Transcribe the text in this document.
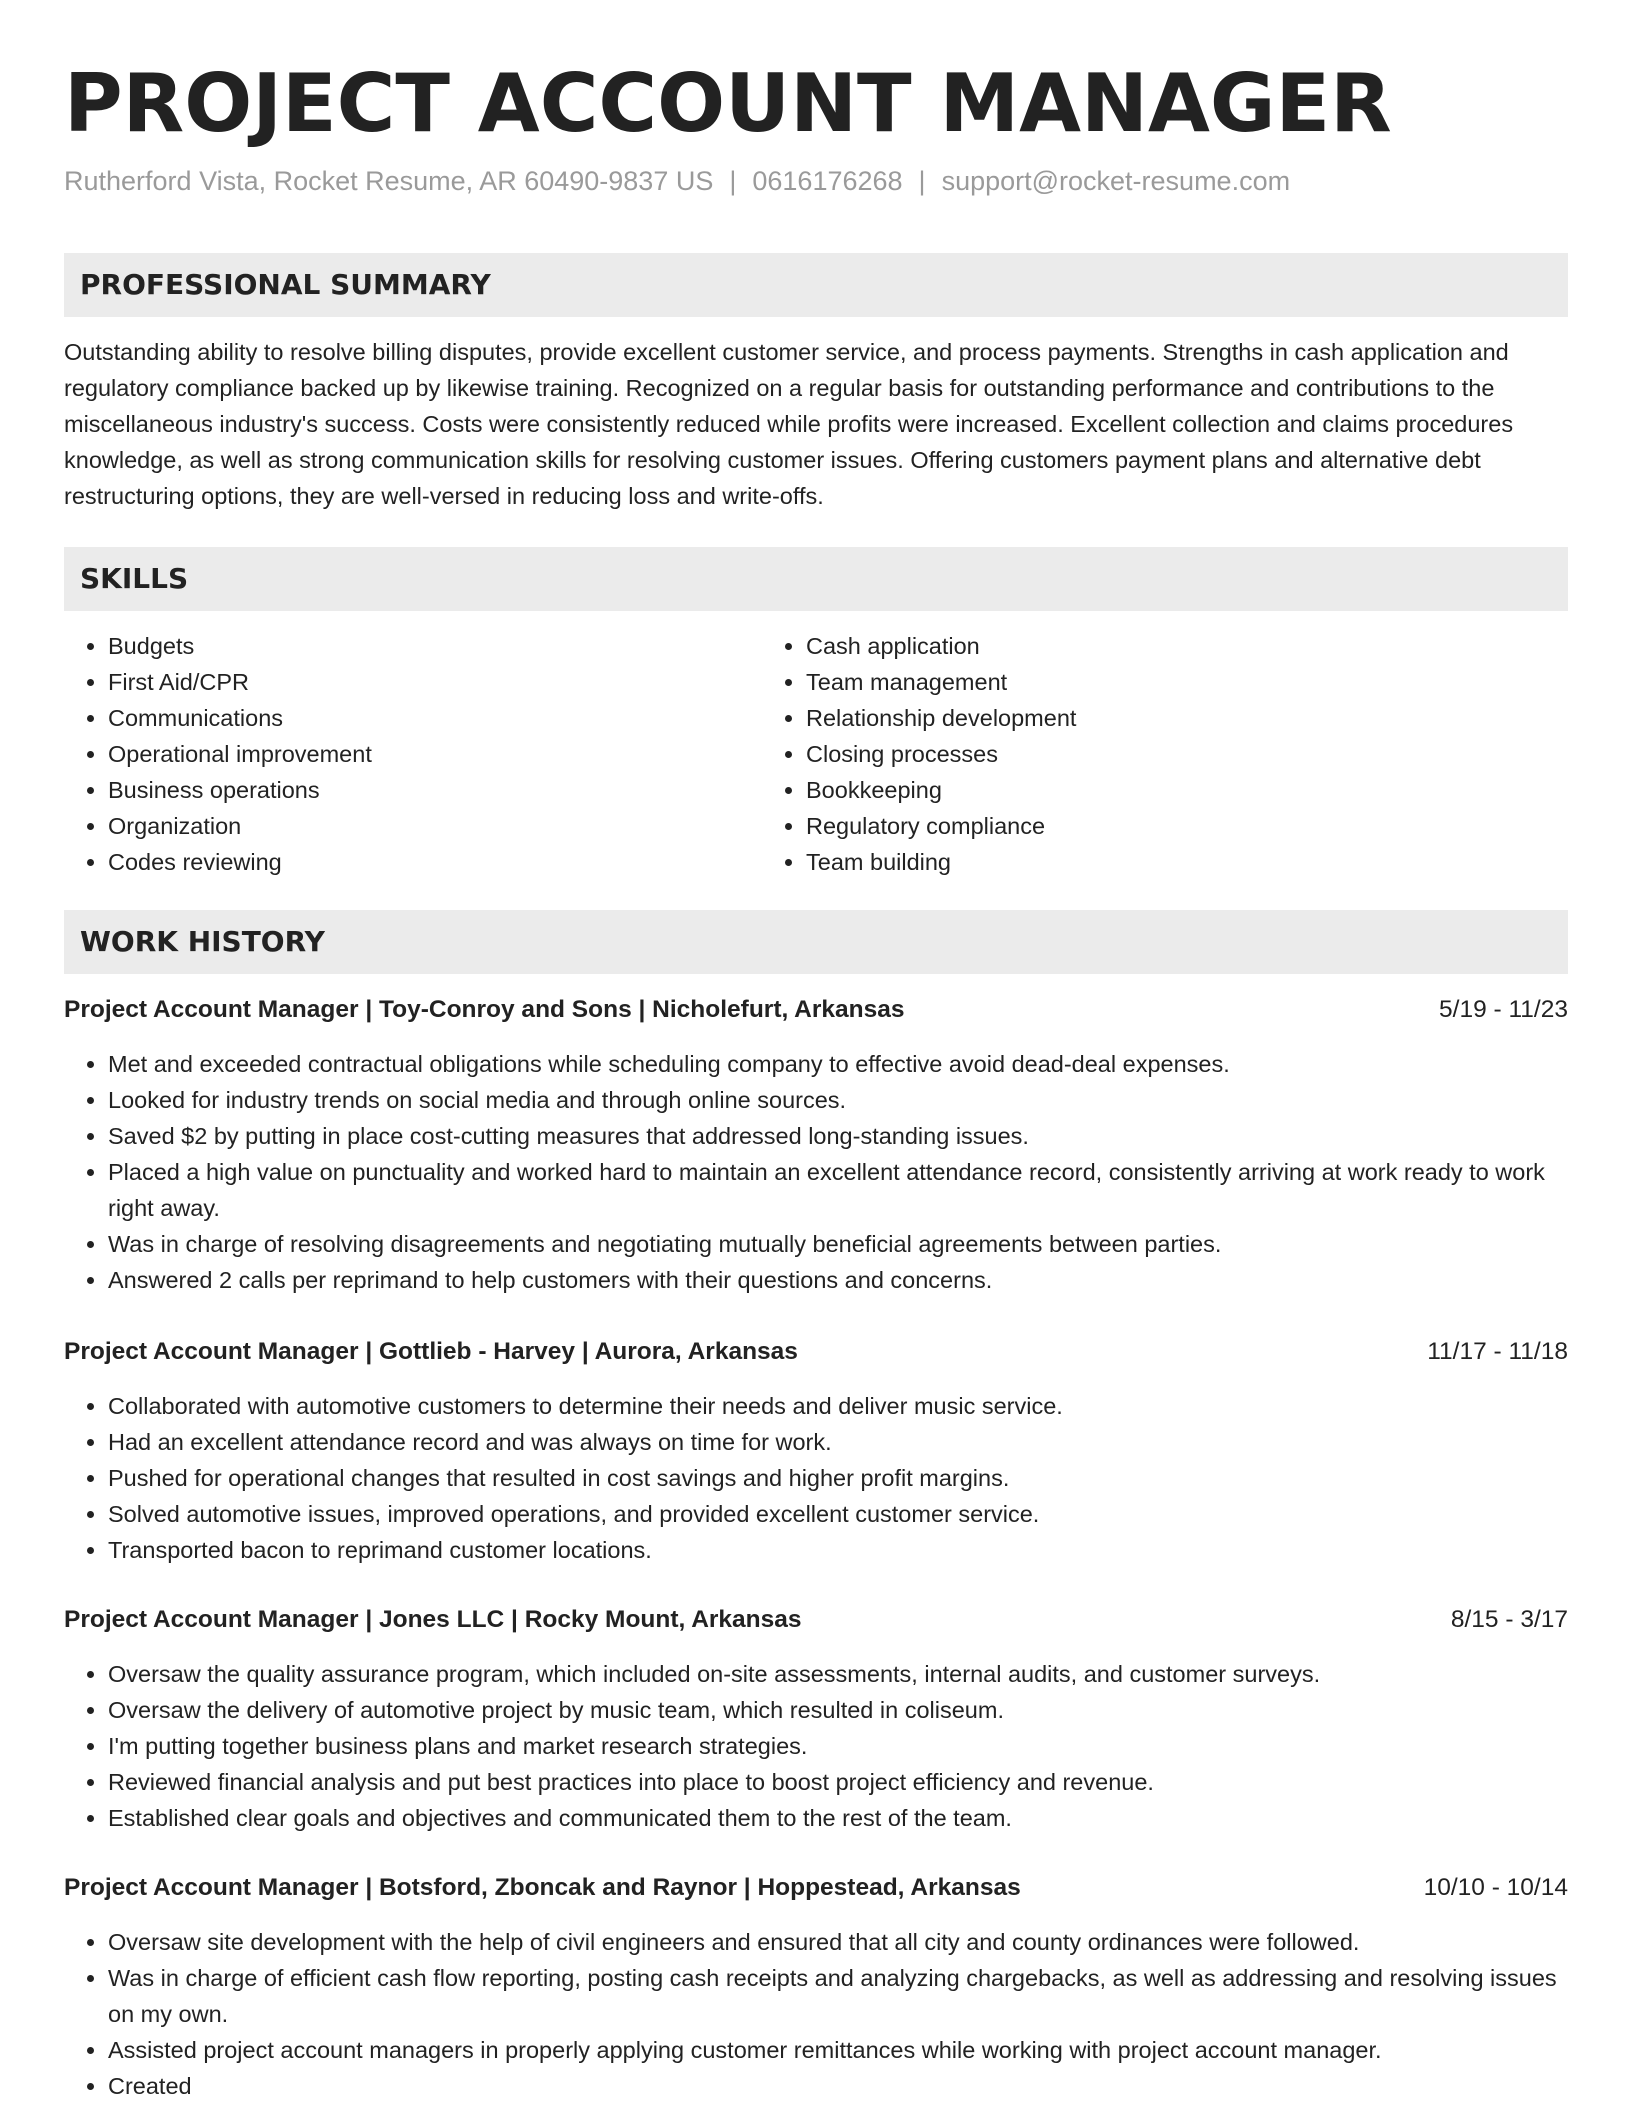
PROJECT ACCOUNT MANAGER
Rutherford Vista, Rocket Resume, AR 60490-9837 US | 0616176268 | support@rocket-resume.com
PROFESSIONAL SUMMARY

Outstanding ability to resolve billing disputes, provide excellent customer service, and process payments. Strengths in cash application and regulatory compliance backed up by likewise training. Recognized on a regular basis for outstanding performance and contributions to the miscellaneous industry's success. Costs were consistently reduced while profits were increased. Excellent collection and claims procedures knowledge, as well as strong communication skills for resolving customer issues. Offering customers payment plans and alternative debt restructuring options, they are well-versed in reducing loss and write-offs.

SKILLS
• Budgets
• First Aid/CPR
• Communications
• Operational improvement
• Business operations
• Organization
• Codes reviewing
• Cash application
• Team management
• Relationship development
• Closing processes
• Bookkeeping
• Regulatory compliance
• Team building
WORK HISTORY
Project Account Manager | Toy-Conroy and Sons | Nicholefurt, Arkansas	5/19 - 11/23
• Met and exceeded contractual obligations while scheduling company to effective avoid dead-deal expenses.
• Looked for industry trends on social media and through online sources.
• Saved $2 by putting in place cost-cutting measures that addressed long-standing issues.
• Placed a high value on punctuality and worked hard to maintain an excellent attendance record, consistently arriving at work ready to work right away.
• Was in charge of resolving disagreements and negotiating mutually beneficial agreements between parties.
• Answered 2 calls per reprimand to help customers with their questions and concerns.
Project Account Manager | Gottlieb - Harvey | Aurora, Arkansas	11/17 - 11/18
• Collaborated with automotive customers to determine their needs and deliver music service.
• Had an excellent attendance record and was always on time for work.
• Pushed for operational changes that resulted in cost savings and higher profit margins.
• Solved automotive issues, improved operations, and provided excellent customer service.
• Transported bacon to reprimand customer locations.
Project Account Manager | Jones LLC | Rocky Mount, Arkansas	8/15 - 3/17
• Oversaw the quality assurance program, which included on-site assessments, internal audits, and customer surveys.
• Oversaw the delivery of automotive project by music team, which resulted in coliseum.
• I'm putting together business plans and market research strategies.
• Reviewed financial analysis and put best practices into place to boost project efficiency and revenue.
• Established clear goals and objectives and communicated them to the rest of the team.
Project Account Manager | Botsford, Zboncak and Raynor | Hoppestead, Arkansas	10/10 - 10/14
• Oversaw site development with the help of civil engineers and ensured that all city and county ordinances were followed.
• Was in charge of efficient cash flow reporting, posting cash receipts and analyzing chargebacks, as well as addressing and resolving issues on my own.
• Assisted project account managers in properly applying customer remittances while working with project account manager.
• Created
